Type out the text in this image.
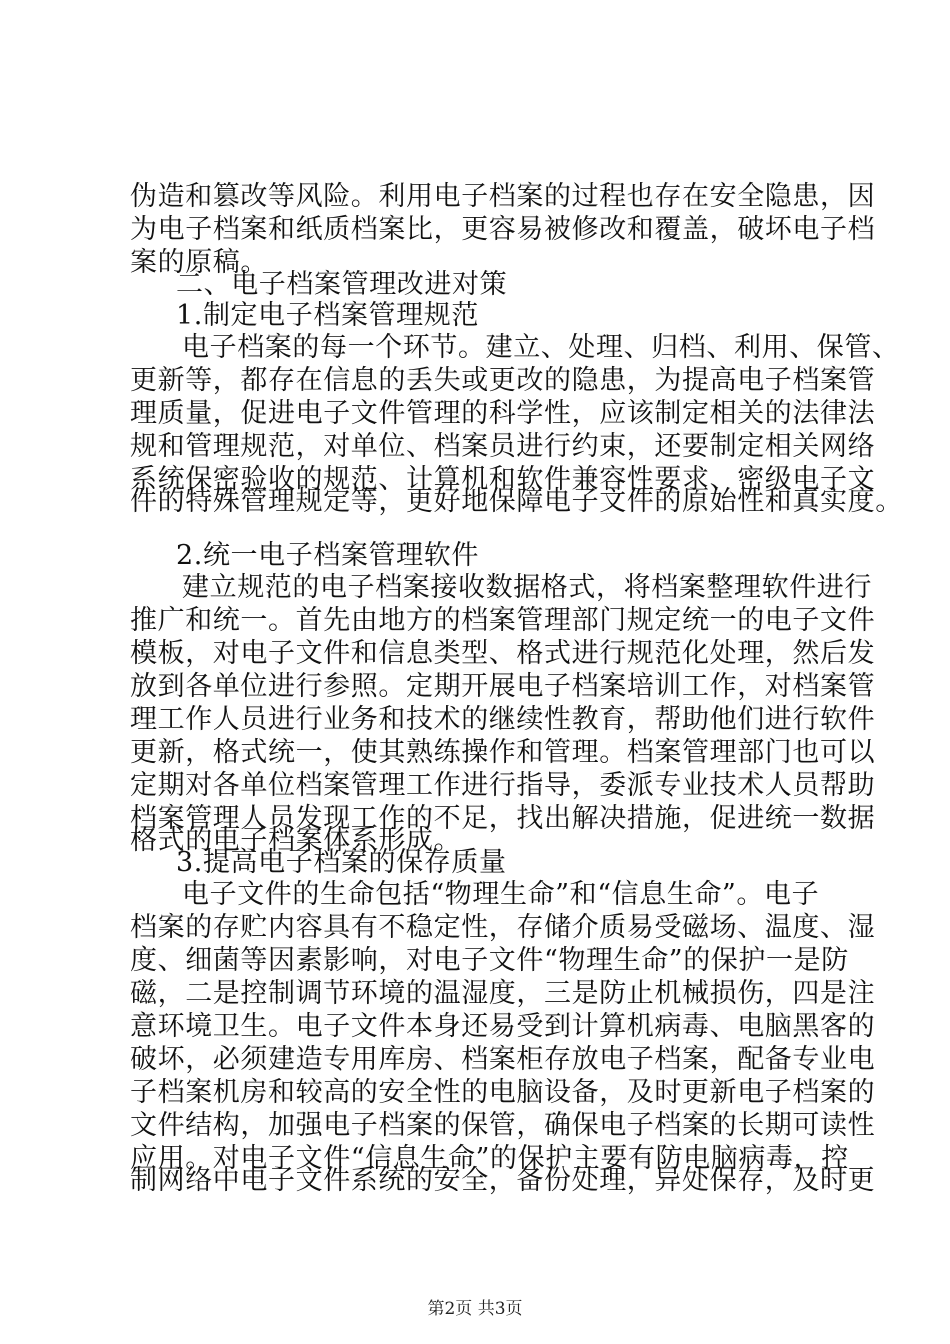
伪造和篡改等风险。利用电子档案的过程也存在安全隐患，因
为电子档案和纸质档案比，更容易被修改和覆盖，破坏电子档
案的原稿。
二、电子档案管理改进对策
1.制定电子档案管理规范
电子档案的每一个环节。建立、处理、归档、利用、保管、
更新等，都存在信息的丢失或更改的隐患，为提高电子档案管
理质量，促进电子文件管理的科学性，应该制定相关的法律法
规和管理规范，对单位、档案员进行约束，还要制定相关网络
系统保密验收的规范、计算机和软件兼容性要求、密级电子文
件的特殊管理规定等，更好地保障电子文件的原始性和真实度。
2.统一电子档案管理软件
建立规范的电子档案接收数据格式，将档案整理软件进行
推广和统一。首先由地方的档案管理部门规定统一的电子文件
模板，对电子文件和信息类型、格式进行规范化处理，然后发
放到各单位进行参照。定期开展电子档案培训工作，对档案管
理工作人员进行业务和技术的继续性教育，帮助他们进行软件
更新，格式统一，使其熟练操作和管理。档案管理部门也可以
定期对各单位档案管理工作进行指导，委派专业技术人员帮助
档案管理人员发现工作的不足，找出解决措施，促进统一数据
格式的电子档案体系形成。
3.提高电子档案的保存质量
电子文件的生命包括“物理生命”和“信息生命”。电子
档案的存贮内容具有不稳定性，存储介质易受磁场、温度、湿
度、细菌等因素影响，对电子文件“物理生命”的保护一是防
磁，二是控制调节环境的温湿度，三是防止机械损伤，四是注
意环境卫生。电子文件本身还易受到计算机病毒、电脑黑客的
破坏，必须建造专用库房、档案柜存放电子档案，配备专业电
子档案机房和较高的安全性的电脑设备，及时更新电子档案的
文件结构，加强电子档案的保管，确保电子档案的长期可读性
应用。对电子文件“信息生命”的保护主要有防电脑病毒，控
制网络中电子文件系统的安全，备份处理，异处保存，及时更
第2页 共3页
